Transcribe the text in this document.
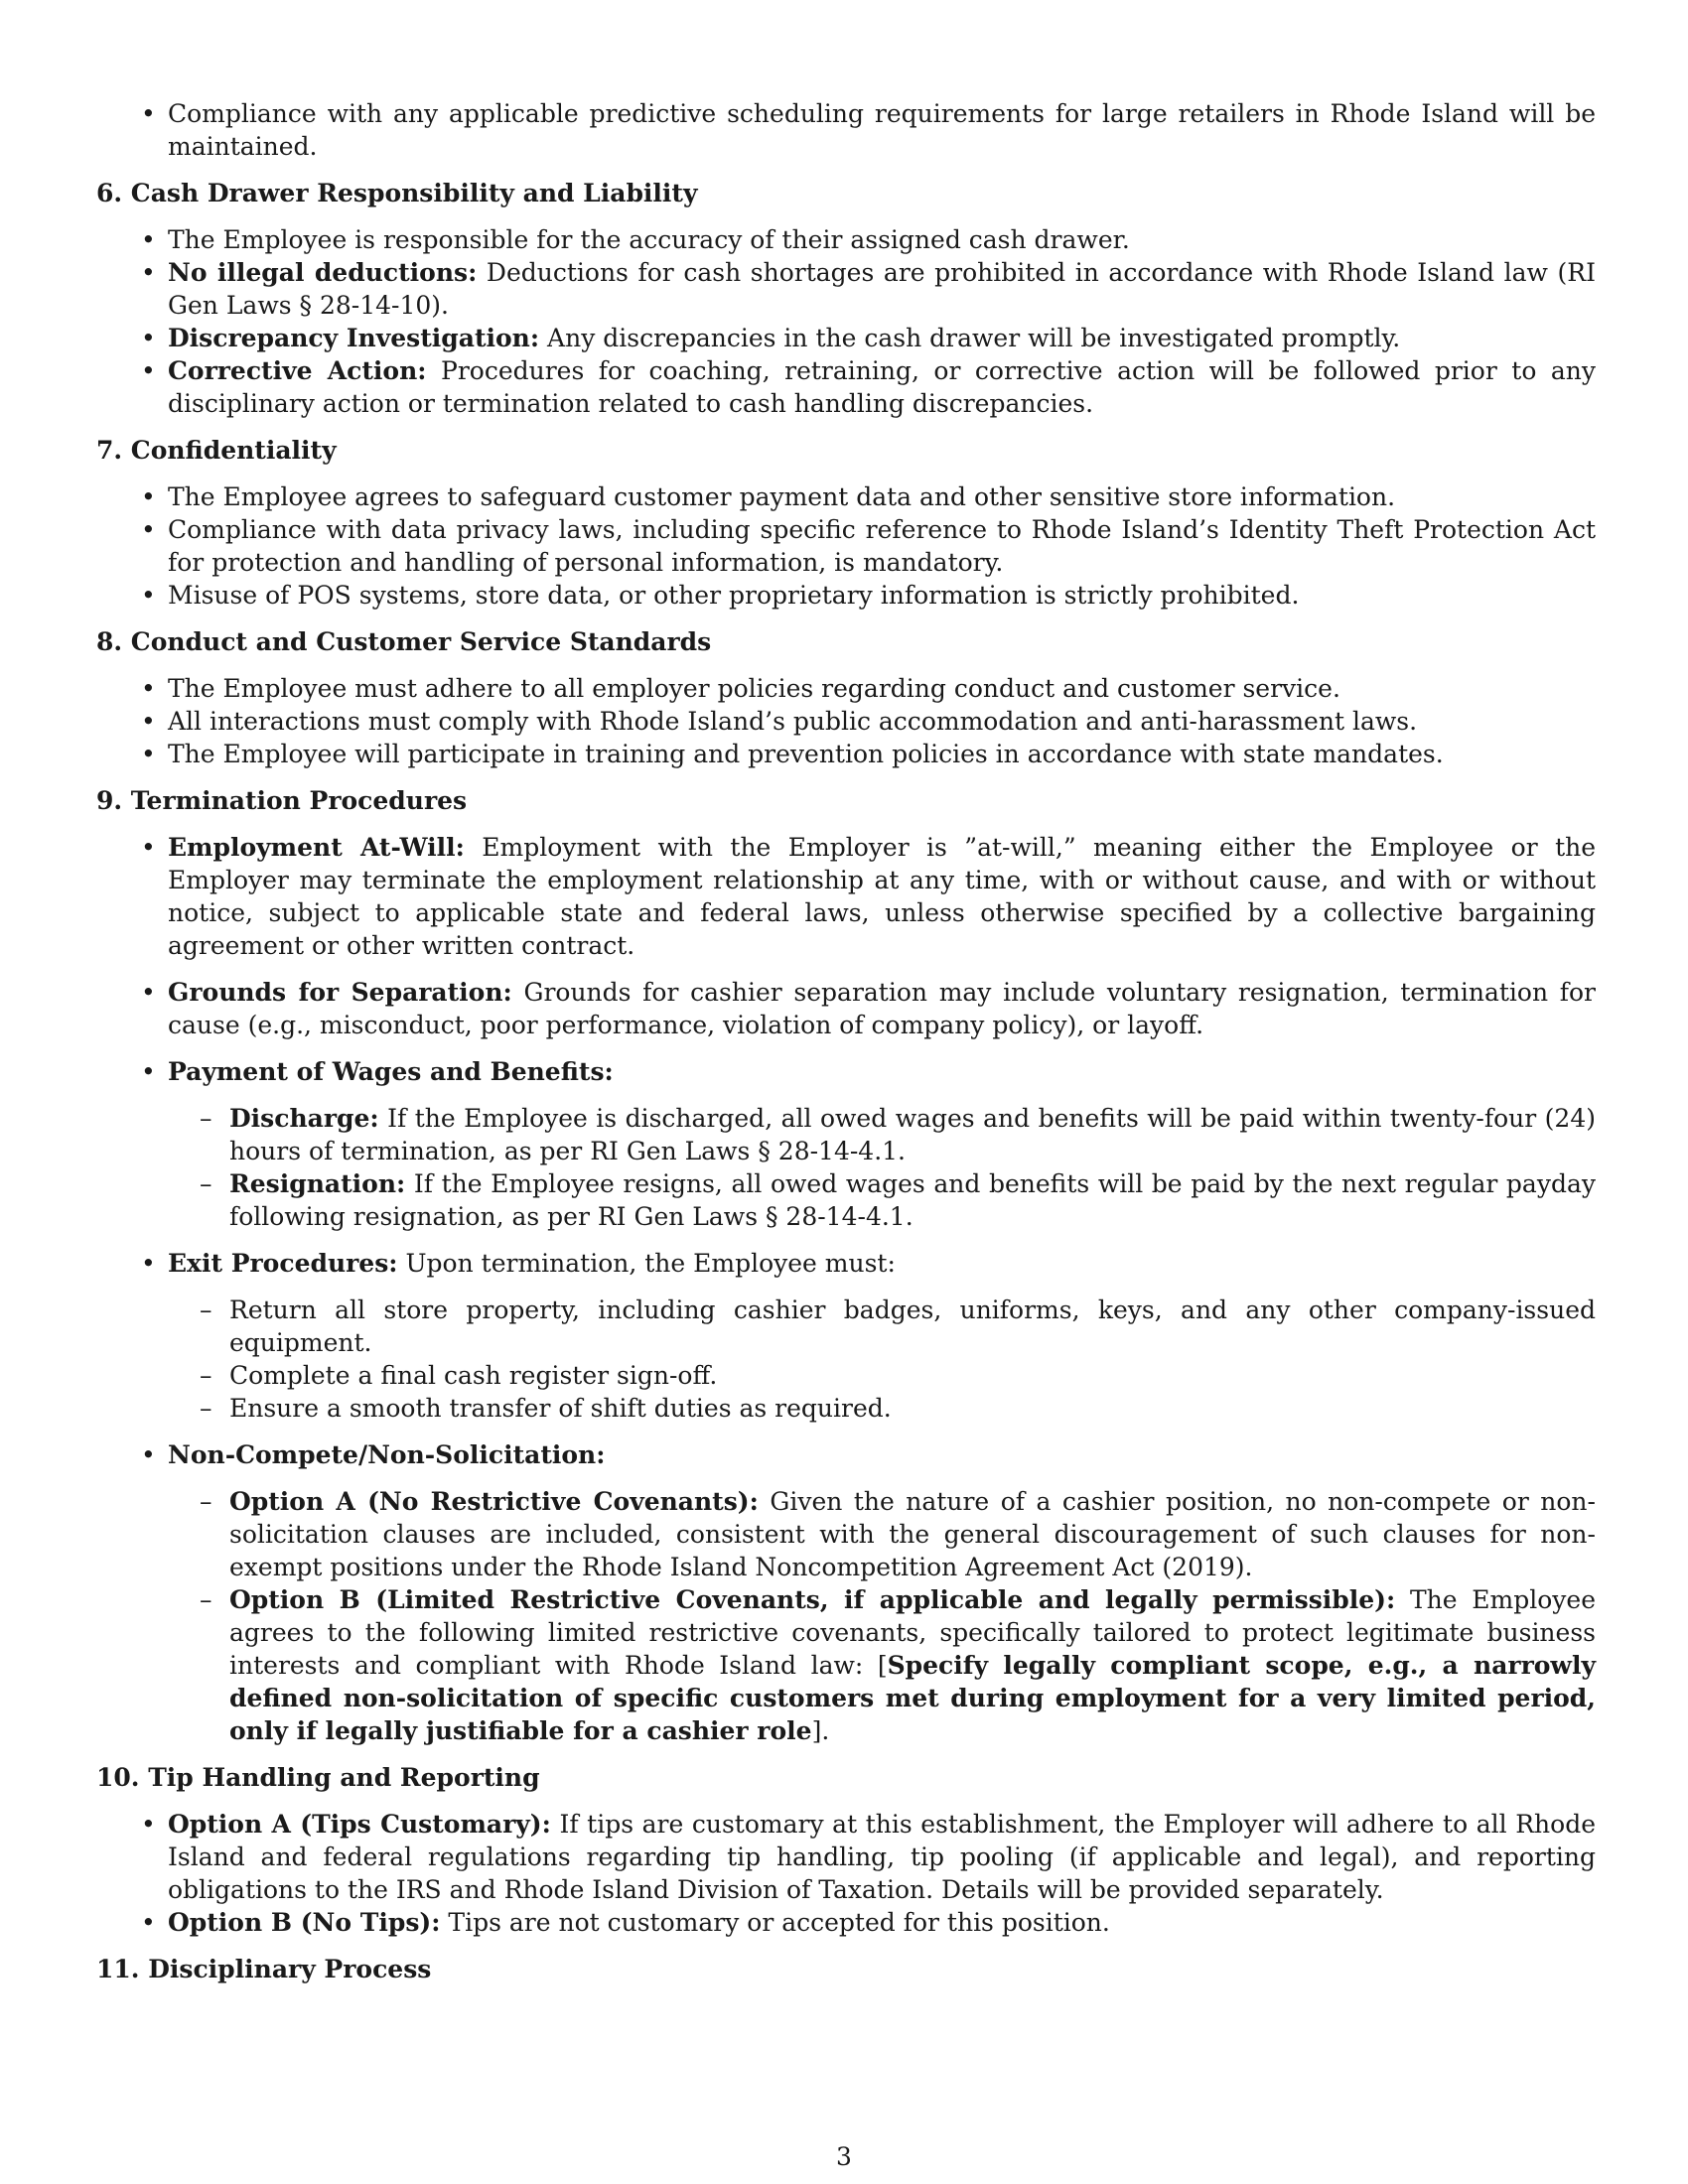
• Compliance with any applicable predictive scheduling requirements for large retailers in Rhode Island will be maintained.
6. Cash Drawer Responsibility and Liability
• The Employee is responsible for the accuracy of their assigned cash drawer.
• No illegal deductions: Deductions for cash shortages are prohibited in accordance with Rhode Island law (RI Gen Laws § 28-14-10).
• Discrepancy Investigation: Any discrepancies in the cash drawer will be investigated promptly.
• Corrective Action: Procedures for coaching, retraining, or corrective action will be followed prior to any disciplinary action or termination related to cash handling discrepancies.
7. Confidentiality
• The Employee agrees to safeguard customer payment data and other sensitive store information.
• Compliance with data privacy laws, including specific reference to Rhode Island’s Identity Theft Protection Act for protection and handling of personal information, is mandatory.
• Misuse of POS systems, store data, or other proprietary information is strictly prohibited.
8. Conduct and Customer Service Standards
• The Employee must adhere to all employer policies regarding conduct and customer service.
• All interactions must comply with Rhode Island’s public accommodation and anti-harassment laws.
• The Employee will participate in training and prevention policies in accordance with state mandates.
9. Termination Procedures
• Employment At-Will: Employment with the Employer is ”at-will,” meaning either the Employee or the Employer may terminate the employment relationship at any time, with or without cause, and with or without notice, subject to applicable state and federal laws, unless otherwise specified by a collective bargaining agreement or other written contract.
• Grounds for Separation: Grounds for cashier separation may include voluntary resignation, termination for cause (e.g., misconduct, poor performance, violation of company policy), or layoff.
• Payment of Wages and Benefits:
– Discharge: If the Employee is discharged, all owed wages and benefits will be paid within twenty-four (24) hours of termination, as per RI Gen Laws § 28-14-4.1.
– Resignation: If the Employee resigns, all owed wages and benefits will be paid by the next regular payday following resignation, as per RI Gen Laws § 28-14-4.1.
• Exit Procedures: Upon termination, the Employee must:
– Return all store property, including cashier badges, uniforms, keys, and any other company-issued equipment.
– Complete a final cash register sign-off.
– Ensure a smooth transfer of shift duties as required.
• Non-Compete/Non-Solicitation:
– Option A (No Restrictive Covenants): Given the nature of a cashier position, no non-compete or non-solicitation clauses are included, consistent with the general discouragement of such clauses for non-exempt positions under the Rhode Island Noncompetition Agreement Act (2019).
– Option B (Limited Restrictive Covenants, if applicable and legally permissible): The Employee agrees to the following limited restrictive covenants, specifically tailored to protect legitimate business interests and compliant with Rhode Island law: [Specify legally compliant scope, e.g., a narrowly defined non-solicitation of specific customers met during employment for a very limited period, only if legally justifiable for a cashier role].
10. Tip Handling and Reporting
• Option A (Tips Customary): If tips are customary at this establishment, the Employer will adhere to all Rhode Island and federal regulations regarding tip handling, tip pooling (if applicable and legal), and reporting obligations to the IRS and Rhode Island Division of Taxation. Details will be provided separately.
• Option B (No Tips): Tips are not customary or accepted for this position.
11. Disciplinary Process
3
